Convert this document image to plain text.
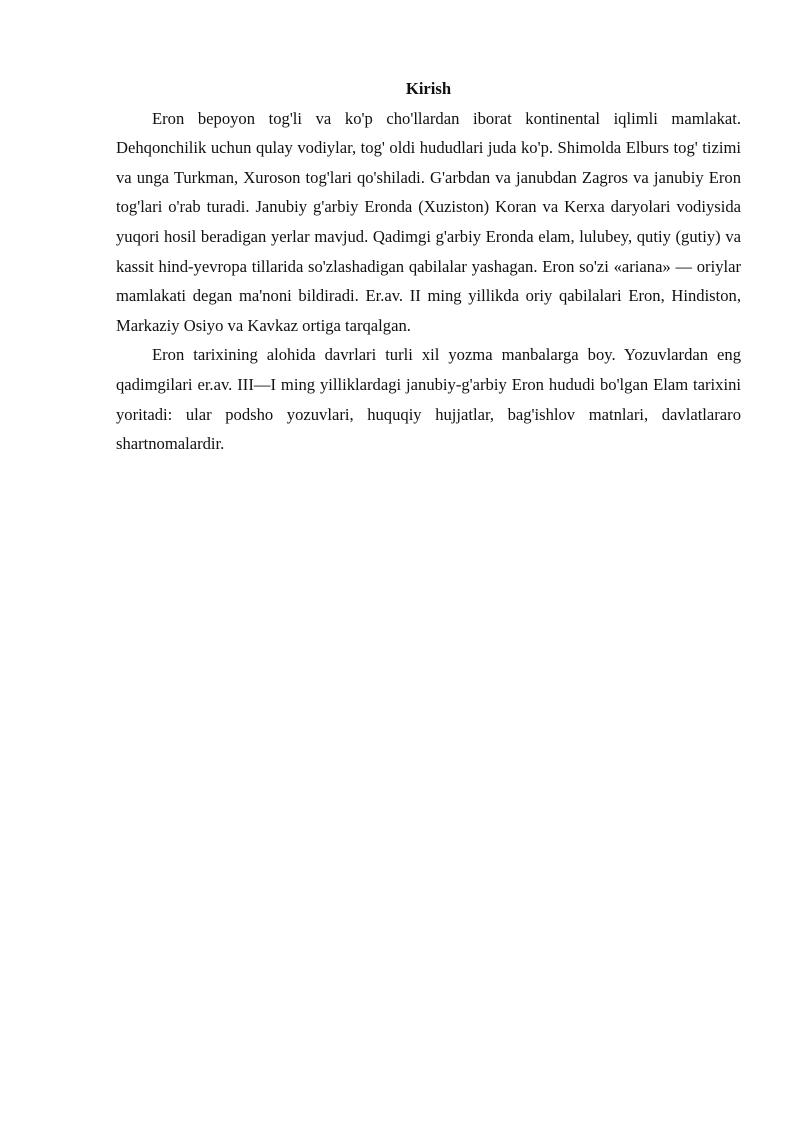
Kirish

Eron bepoyon tog'li va ko'p cho'llardan iborat kontinental iqlimli mamlakat. Dehqonchilik uchun qulay vodiylar, tog' oldi hududlari juda ko'p. Shimolda Elburs tog' tizimi va unga Turkman, Xuroson tog'lari qo'shiladi. G'arbdan va janubdan Zagros va janubiy Eron tog'lari o'rab turadi. Janubiy g'arbiy Eronda (Xuziston) Koran va Kerxa daryolari vodiysida yuqori hosil beradigan yerlar mavjud. Qadimgi g'arbiy Eronda elam, lulubey, qutiy (gutiy) va kassit hind-yevropa tillarida so'zlashadigan qabilalar yashagan. Eron so'zi «ariana» — oriylar mamlakati degan ma'noni bildiradi. Er.av. II ming yillikda oriy qabilalari Eron, Hindiston, Markaziy Osiyo va Kavkaz ortiga tarqalgan.

Eron tarixining alohida davrlari turli xil yozma manbalarga boy. Yozuvlardan eng qadimgilari er.av. III—I ming yilliklardagi janubiy-g'arbiy Eron hududi bo'lgan Elam tarixini yoritadi: ular podsho yozuvlari, huquqiy hujjatlar, bag'ishlov matnlari, davlatlararo shartnomalardir.
